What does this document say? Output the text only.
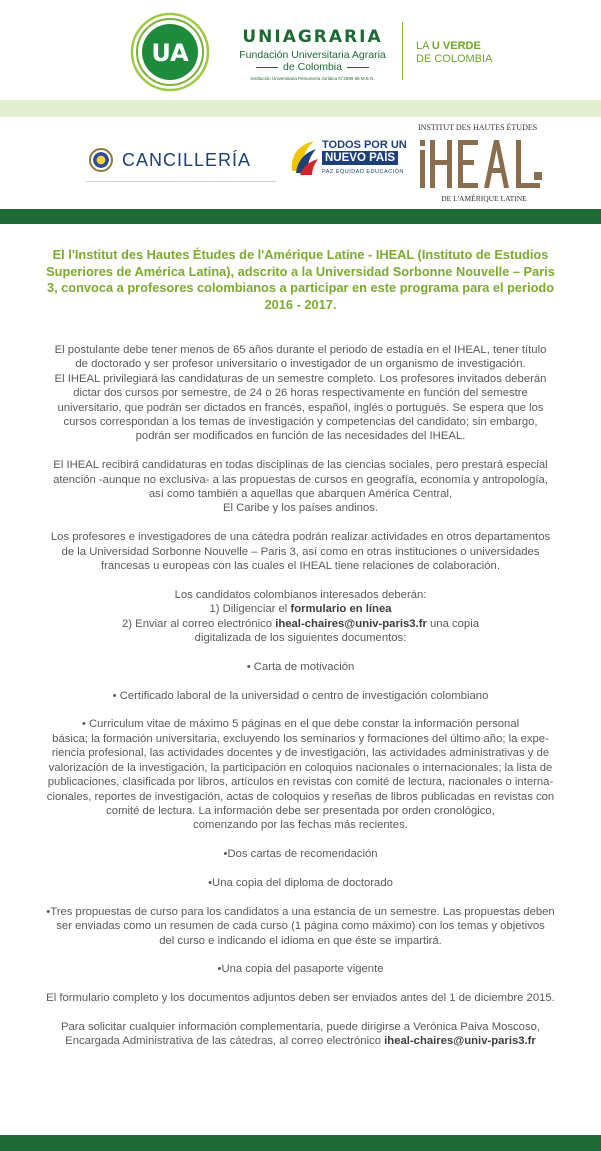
UA
UNIAGRARIA
Fundación Universitaria Agraria
de Colombia
Institución Universitaria Personería Jurídica N°2599 86 M.E.N.
LA U VERDE
DE COLOMBIA
CANCILLERÍA
TODOS POR UN
NUEVO PAÍS
PAZ EQUIDAD EDUCACIÓN
INSTITUT DES HAUTES ÉTUDES
DE L'AMÉRIQUE LATINE
El l'Institut des Hautes Études de l'Amérique Latine - IHEAL (Instituto de Estudios Superiores de América Latina), adscrito a la Universidad Sorbonne Nouvelle – Paris 3, convoca a profesores colombianos a participar en este programa para el periodo 2016 - 2017.

El postulante debe tener menos de 65 años durante el periodo de estadía en el IHEAL, tener título
de doctorado y ser profesor universitario o investigador de un organismo de investigación.
El IHEAL privilegiará las candidaturas de un semestre completo. Los profesores invitados deberán
dictar dos cursos por semestre, de 24 o 26 horas respectivamente en función del semestre
universitario, que podrán ser dictados en francés, español, inglés o portugués. Se espera que los
cursos correspondan a los temas de investigación y competencias del candidato; sin embargo,
podrán ser modificados en función de las necesidades del IHEAL.

El IHEAL recibirá candidaturas en todas disciplinas de las ciencias sociales, pero prestará especial
atención -aunque no exclusiva- a las propuestas de cursos en geografía, economía y antropología,
así como también a aquellas que abarquen América Central,
El Caribe y los países andinos.

Los profesores e investigadores de una cátedra podrán realizar actividades en otros departamentos
de la Universidad Sorbonne Nouvelle – Paris 3, así como en otras instituciones o universidades
francesas u europeas con las cuales el IHEAL tiene relaciones de colaboración.

Los candidatos colombianos interesados deberán:
1) Diligenciar el formulario en línea
2) Enviar al correo electrónico iheal-chaires@univ-paris3.fr una copia
digitalizada de los siguientes documentos:

• Carta de motivación

• Certificado laboral de la universidad o centro de investigación colombiano

• Curriculum vitae de máximo 5 páginas en el que debe constar la información personal
básica; la formación universitaria, excluyendo los seminarios y formaciones del último año; la expe-
riencia profesional, las actividades docentes y de investigación, las actividades administrativas y de
valorización de la investigación, la participación en coloquios nacionales o internacionales; la lista de
publicaciones, clasificada por libros, artículos en revistas con comité de lectura, nacionales o interna-
cionales, reportes de investigación, actas de coloquios y reseñas de libros publicadas en revistas con
comité de lectura. La información debe ser presentada por orden cronológico,
comenzando por las fechas más recientes.

•Dos cartas de recomendación

•Una copia del diploma de doctorado

•Tres propuestas de curso para los candidatos a una estancia de un semestre. Las propuestas deben
ser enviadas como un resumen de cada curso (1 página como máximo) con los temas y objetivos
del curso e indicando el idioma en que éste se impartirá.

•Una copia del pasaporte vigente

El formulario completo y los documentos adjuntos deben ser enviados antes del 1 de diciembre 2015.

Para solicitar cualquier información complementaria, puede dirigirse a Verónica Paiva Moscoso,
Encargada Administrativa de las cátedras, al correo electrónico iheal-chaires@univ-paris3.fr
